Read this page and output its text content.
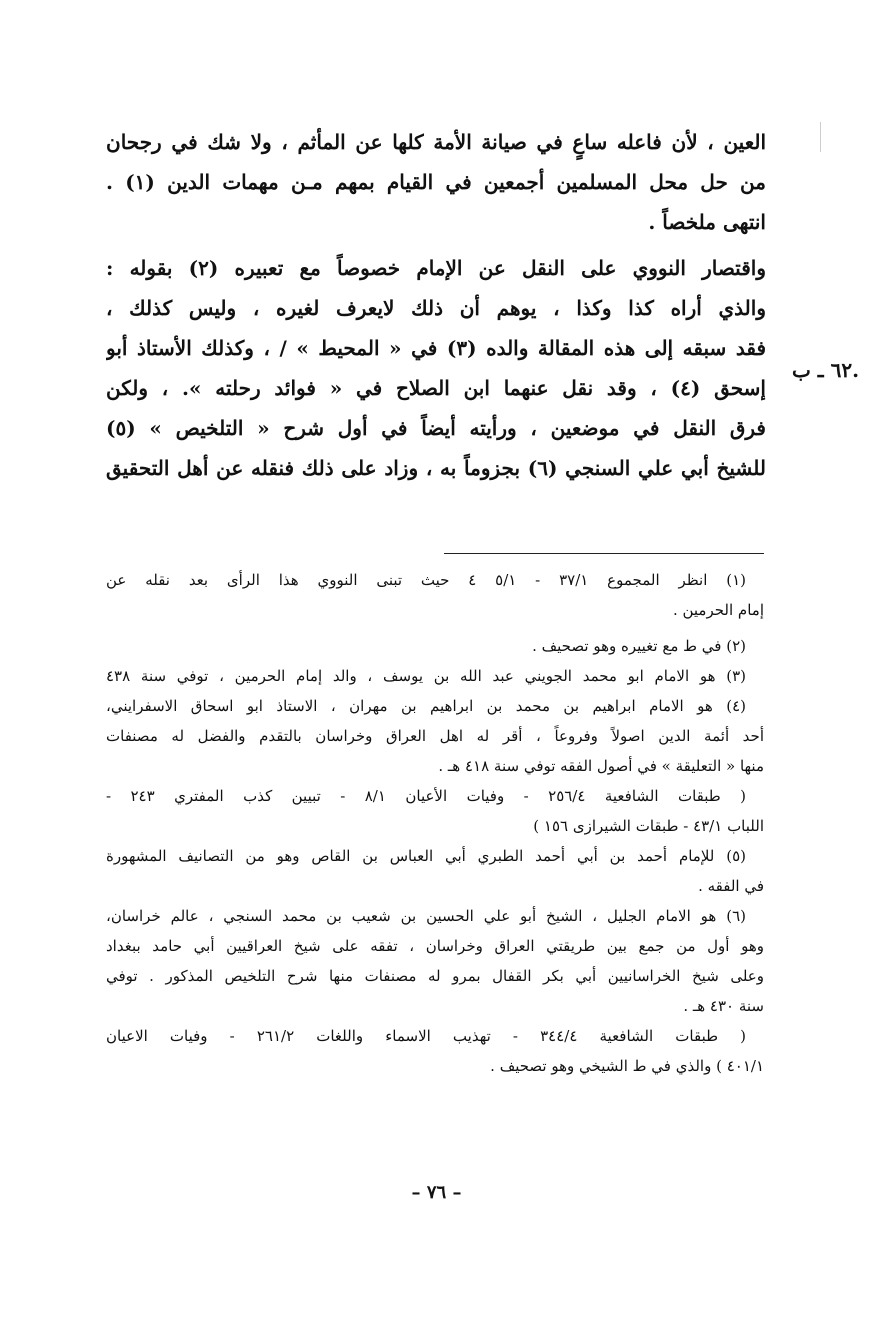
العين ، لأن فاعله ساعٍ في صيانة الأمة كلها عن المأثم ، ولا شك في رجحان
من حل محل المسلمين أجمعين في القيام بمهم مـن مهمات الدين (١) .
انتهى ملخصاً .
واقتصار النووي على النقل عن الإمام خصوصاً مع تعبيره (٢) بقوله :
والذي أراه كذا وكذا ، يوهم أن ذلك لايعرف لغيره ، وليس كذلك ،
فقد سبقه إلى هذه المقالة والده (٣) في « المحيط » / ، وكذلك الأستاذ أبو
إسحق (٤) ، وقد نقل عنهما ابن الصلاح في « فوائد رحلته ». ، ولكن
فرق النقل في موضعين ، ورأيته أيضاً في أول شرح « التلخيص » (٥)
للشيخ أبي علي السنجي (٦) بجزوماً به ، وزاد على ذلك فنقله عن أهل التحقيق
.٦٢ ـ ب
(١) انظر المجموع ٣٧/١ - ٥/١ ٤ حيث تبنى النووي هذا الرأى بعد نقله عن
إمام الحرمين .
(٢) في ط مع تغييره وهو تصحيف .
(٣) هو الامام ابو محمد الجويني عبد الله بن يوسف ، والد إمام الحرمين ، توفي سنة ٤٣٨
(٤) هو الامام ابراهيم بن محمد بن ابراهيم بن مهران ، الاستاذ ابو اسحاق الاسفرايني،
أحد أئمة الدين اصولاً وفروعاً ، أقر له اهل العراق وخراسان بالتقدم والفضل له مصنفات
منها « التعليقة » في أصول الفقه توفي سنة ٤١٨ هـ .
( طبقات الشافعية ٢٥٦/٤ - وفيات الأعيان ٨/١ - تبيين كذب المفتري ٢٤٣ -
اللباب ٤٣/١ - طبقات الشيرازى ١٥٦ )
(٥) للإمام أحمد بن أبي أحمد الطبري أبي العباس بن القاص وهو من التصانيف المشهورة
في الفقه .
(٦) هو الامام الجليل ، الشيخ أبو علي الحسين بن شعيب بن محمد السنجي ، عالم خراسان،
وهو أول من جمع بين طريقتي العراق وخراسان ، تفقه على شيخ العراقيين أبي حامد ببغداد
وعلى شيخ الخراسانيين أبي بكر القفال بمرو له مصنفات منها شرح التلخيص المذكور . توفي
سنة ٤٣٠ هـ .
( طبقات الشافعية ٣٤٤/٤ - تهذيب الاسماء واللغات ٢٦١/٢ - وفيات الاعيان
٤٠١/١ ) والذي في ط الشيخي وهو تصحيف .
– ٧٦ –
